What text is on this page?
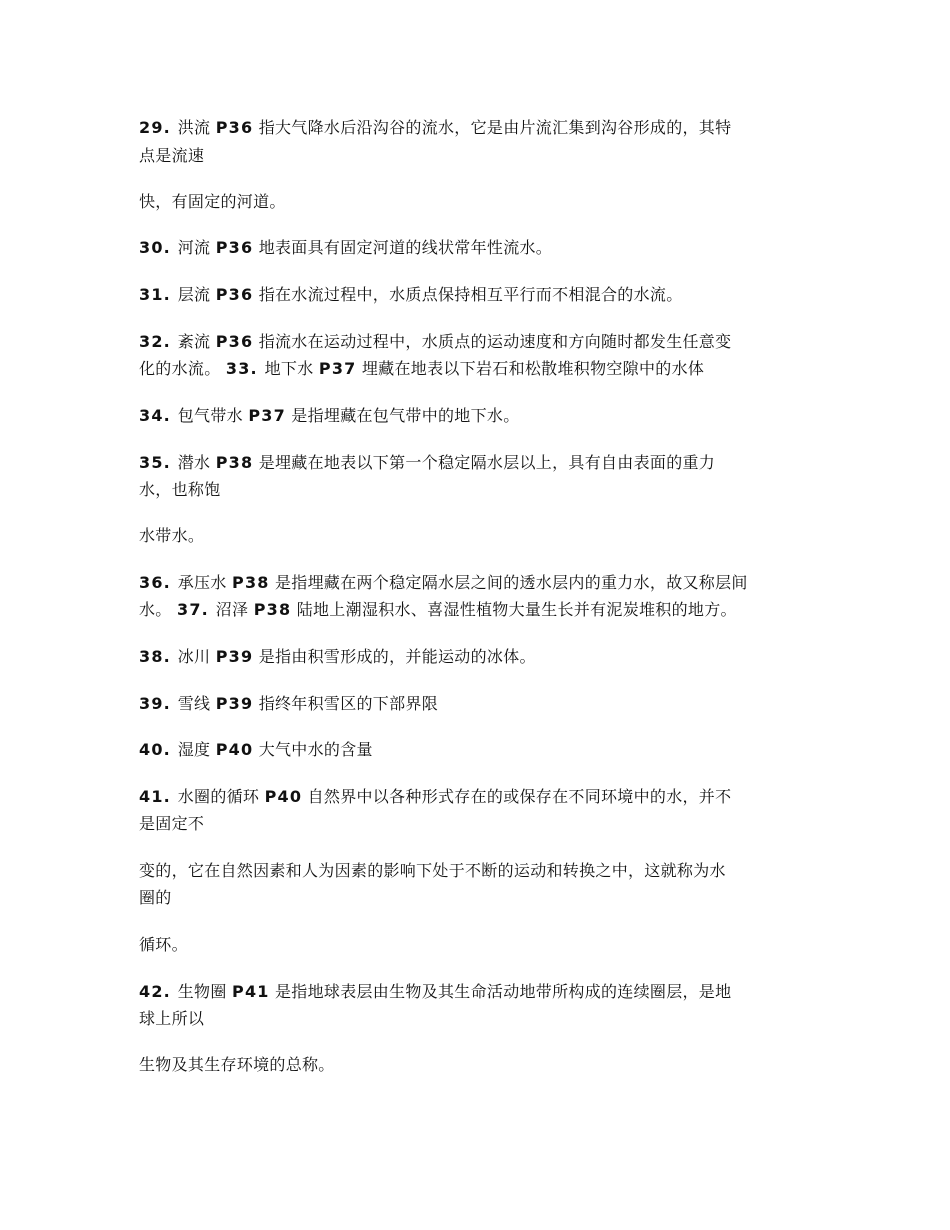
29. 洪流 P36 指大气降水后沿沟谷的流水，它是由片流汇集到沟谷形成的，其特
点是流速
快，有固定的河道。
30. 河流 P36 地表面具有固定河道的线状常年性流水。
31. 层流 P36 指在水流过程中，水质点保持相互平行而不相混合的水流。
32. 紊流 P36 指流水在运动过程中，水质点的运动速度和方向随时都发生任意变
化的水流。 33. 地下水 P37 埋藏在地表以下岩石和松散堆积物空隙中的水体
34. 包气带水 P37 是指埋藏在包气带中的地下水。
35. 潜水 P38 是埋藏在地表以下第一个稳定隔水层以上，具有自由表面的重力
水，也称饱
水带水。
36. 承压水 P38 是指埋藏在两个稳定隔水层之间的透水层内的重力水，故又称层间
水。 37. 沼泽 P38 陆地上潮湿积水、喜湿性植物大量生长并有泥炭堆积的地方。
38. 冰川 P39 是指由积雪形成的，并能运动的冰体。
39. 雪线 P39 指终年积雪区的下部界限
40. 湿度 P40 大气中水的含量
41. 水圈的循环 P40 自然界中以各种形式存在的或保存在不同环境中的水，并不
是固定不
变的，它在自然因素和人为因素的影响下处于不断的运动和转换之中，这就称为水
圈的
循环。
42. 生物圈 P41 是指地球表层由生物及其生命活动地带所构成的连续圈层，是地
球上所以
生物及其生存环境的总称。
